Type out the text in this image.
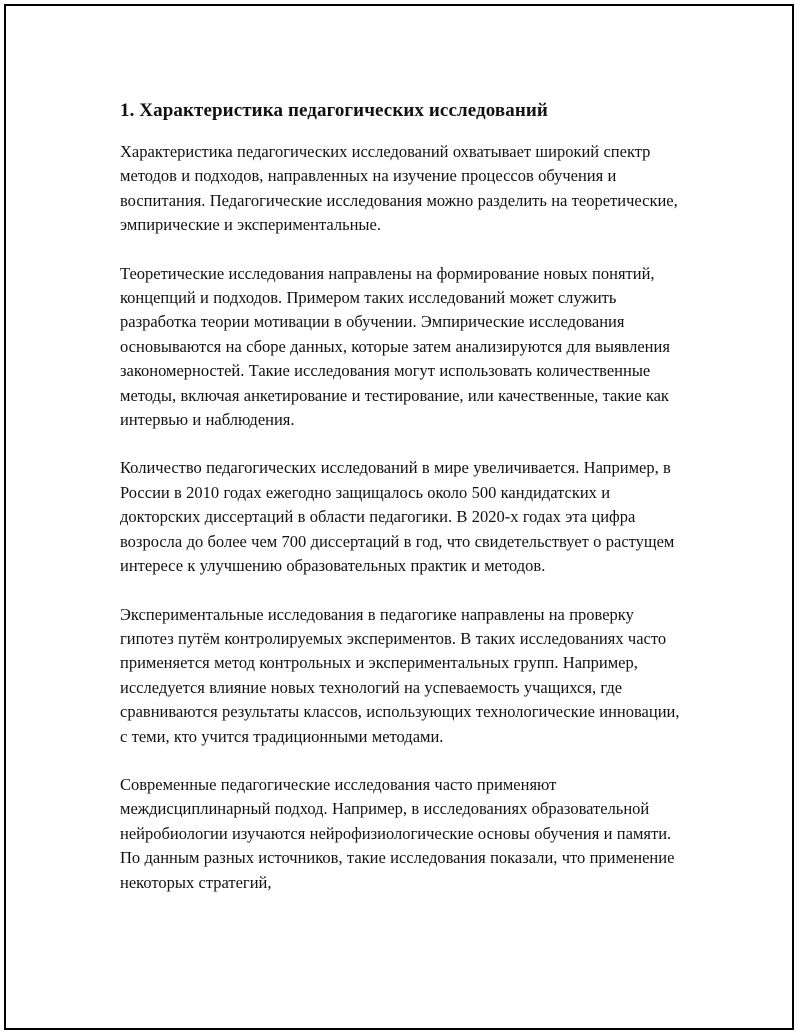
1. Характеристика педагогических исследований

Характеристика педагогических исследований охватывает широкий спектр методов и подходов, направленных на изучение процессов обучения и воспитания. Педагогические исследования можно разделить на теоретические, эмпирические и экспериментальные.

Теоретические исследования направлены на формирование новых понятий, концепций и подходов. Примером таких исследований может служить разработка теории мотивации в обучении. Эмпирические исследования основываются на сборе данных, которые затем анализируются для выявления закономерностей. Такие исследования могут использовать количественные методы, включая анкетирование и тестирование, или качественные, такие как интервью и наблюдения.

Количество педагогических исследований в мире увеличивается. Например, в России в 2010 годах ежегодно защищалось около 500 кандидатских и докторских диссертаций в области педагогики. В 2020-х годах эта цифра возросла до более чем 700 диссертаций в год, что свидетельствует о растущем интересе к улучшению образовательных практик и методов.

Экспериментальные исследования в педагогике направлены на проверку гипотез путём контролируемых экспериментов. В таких исследованиях часто применяется метод контрольных и экспериментальных групп. Например, исследуется влияние новых технологий на успеваемость учащихся, где сравниваются результаты классов, использующих технологические инновации, с теми, кто учится традиционными методами.

Современные педагогические исследования часто применяют междисциплинарный подход. Например, в исследованиях образовательной нейробиологии изучаются нейрофизиологические основы обучения и памяти. По данным разных источников, такие исследования показали, что применение некоторых стратегий,
